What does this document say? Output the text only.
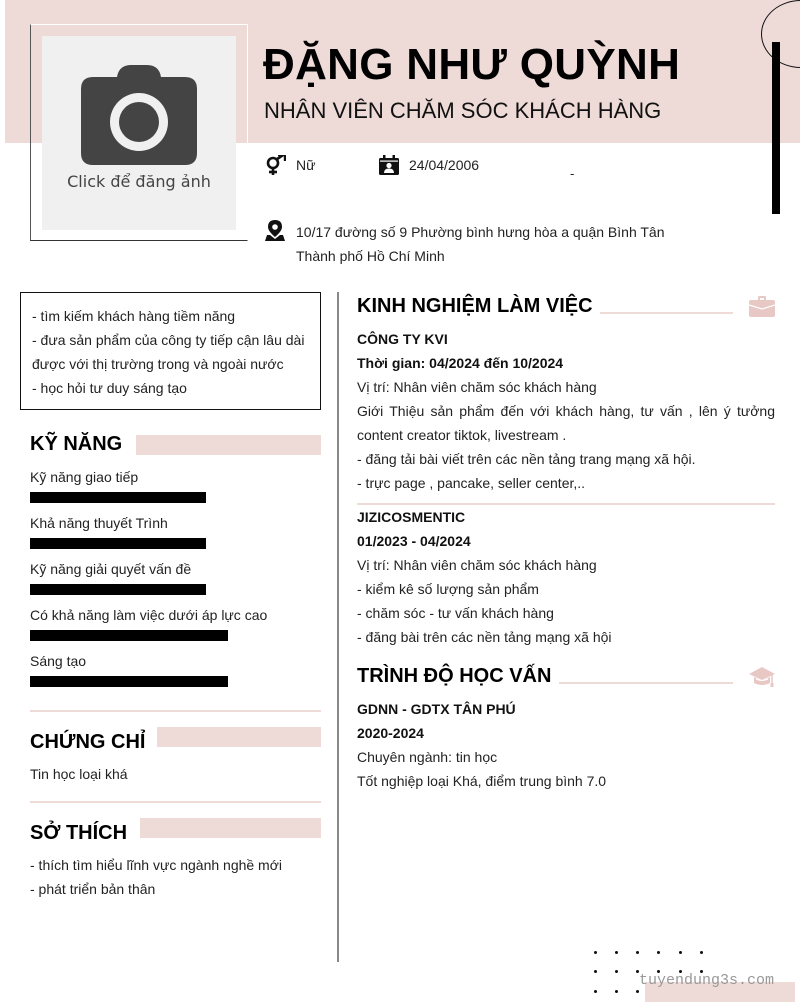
Click để đăng ảnh
ĐẶNG NHƯ QUỲNH
NHÂN VIÊN CHĂM SÓC KHÁCH HÀNG
Nữ	24/04/2006
-
10/17 đường số 9 Phường bình hưng hòa a quận Bình Tân
Thành phố Hồ Chí Minh
- tìm kiếm khách hàng tiềm năng
- đưa sản phẩm của công ty tiếp cận lâu dài
được với thị trường trong và ngoài nước
- học hỏi tư duy sáng tạo
KỸ NĂNG
Kỹ năng giao tiếp
Khả năng thuyết Trình
Kỹ năng giải quyết vấn đề
Có khả năng làm việc dưới áp lực cao
Sáng tạo
CHỨNG CHỈ
Tin học loại khá
SỞ THÍCH
- thích tìm hiểu lĩnh vực ngành nghề mới
- phát triển bản thân
KINH NGHIỆM LÀM VIỆC
CÔNG TY KVI
Thời gian: 04/2024 đến 10/2024
Vị trí: Nhân viên chăm sóc khách hàng
Giới Thiệu sản phẩm đến với khách hàng, tư vấn , lên ý tưởng content creator tiktok, livestream .
- đăng tải bài viết trên các nền tảng trang mạng xã hội.
- trực page , pancake, seller center,..
JIZICOSMENTIC
01/2023 - 04/2024
Vị trí: Nhân viên chăm sóc khách hàng
- kiểm kê số lượng sản phẩm
- chăm sóc - tư vấn khách hàng
- đăng bài trên các nền tảng mạng xã hội
TRÌNH ĐỘ HỌC VẤN
GDNN - GDTX TÂN PHÚ
2020-2024
Chuyên ngành: tin học
Tốt nghiệp loại Khá, điểm trung bình 7.0
tuyendung3s.com
